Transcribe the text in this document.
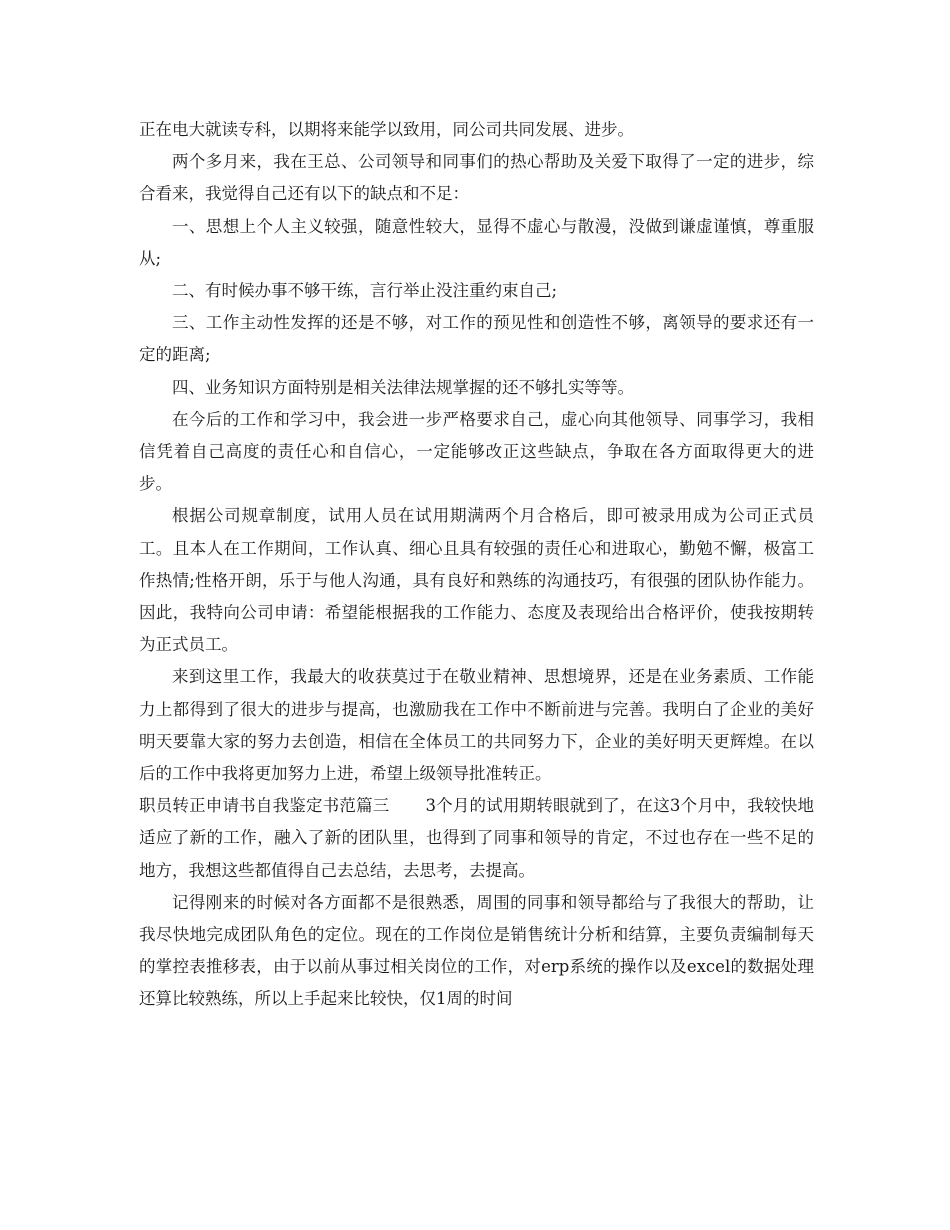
正在电大就读专科，以期将来能学以致用，同公司共同发展、进步。

两个多月来，我在王总、公司领导和同事们的热心帮助及关爱下取得了一定的进步，综合看来，我觉得自己还有以下的缺点和不足：

一、思想上个人主义较强，随意性较大，显得不虚心与散漫，没做到谦虚谨慎，尊重服从;

二、有时候办事不够干练，言行举止没注重约束自己;

三、工作主动性发挥的还是不够，对工作的预见性和创造性不够，离领导的要求还有一定的距离;

四、业务知识方面特别是相关法律法规掌握的还不够扎实等等。

在今后的工作和学习中，我会进一步严格要求自己，虚心向其他领导、同事学习，我相信凭着自己高度的责任心和自信心，一定能够改正这些缺点，争取在各方面取得更大的进步。

根据公司规章制度，试用人员在试用期满两个月合格后，即可被录用成为公司正式员工。且本人在工作期间，工作认真、细心且具有较强的责任心和进取心，勤勉不懈，极富工作热情;性格开朗，乐于与他人沟通，具有良好和熟练的沟通技巧，有很强的团队协作能力。因此，我特向公司申请：希望能根据我的工作能力、态度及表现给出合格评价，使我按期转为正式员工。

来到这里工作，我最大的收获莫过于在敬业精神、思想境界，还是在业务素质、工作能力上都得到了很大的进步与提高，也激励我在工作中不断前进与完善。我明白了企业的美好明天要靠大家的努力去创造，相信在全体员工的共同努力下，企业的美好明天更辉煌。在以后的工作中我将更加努力上进，希望上级领导批准转正。

职员转正申请书自我鉴定书范篇三 3个月的试用期转眼就到了，在这3个月中，我较快地适应了新的工作，融入了新的团队里，也得到了同事和领导的肯定，不过也存在一些不足的地方，我想这些都值得自己去总结，去思考，去提高。

记得刚来的时候对各方面都不是很熟悉，周围的同事和领导都给与了我很大的帮助，让我尽快地完成团队角色的定位。现在的工作岗位是销售统计分析和结算，主要负责编制每天的掌控表推移表，由于以前从事过相关岗位的工作，对erp系统的操作以及excel的数据处理还算比较熟练，所以上手起来比较快，仅1周的时间
